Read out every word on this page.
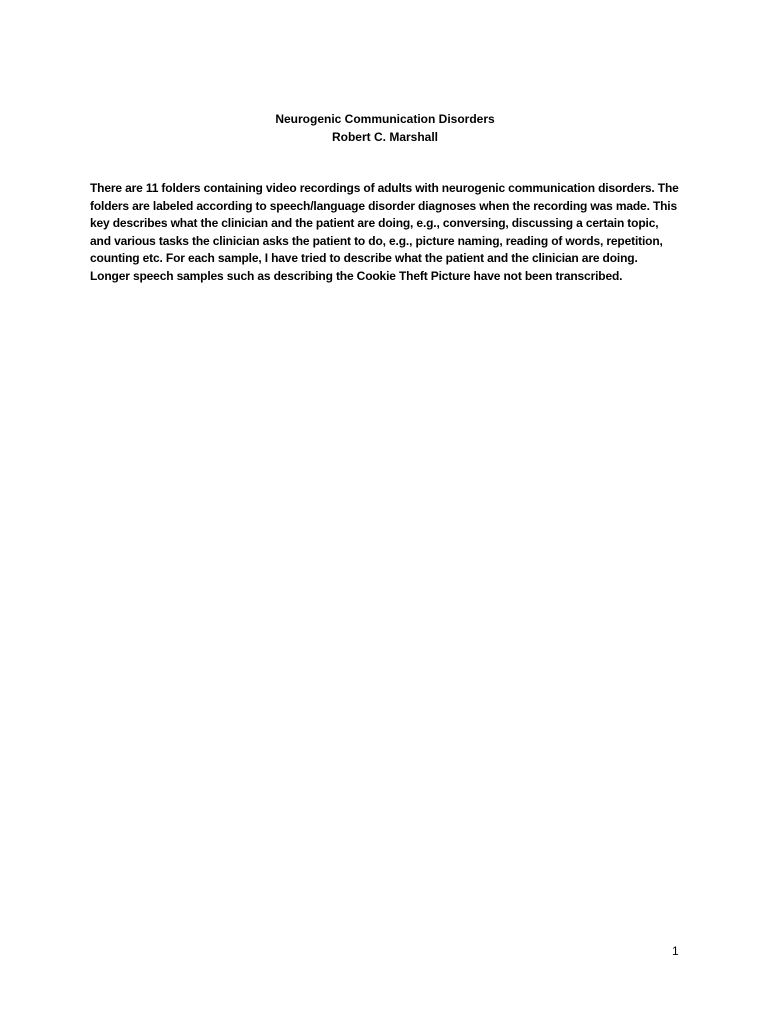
Neurogenic Communication Disorders
Robert C. Marshall

There are 11 folders containing video recordings of adults with neurogenic communication disorders. The folders are labeled according to speech/language disorder diagnoses when the recording was made. This key describes what the clinician and the patient are doing, e.g., conversing, discussing a certain topic, and various tasks the clinician asks the patient to do, e.g., picture naming, reading of words, repetition, counting etc. For each sample, I have tried to describe what the patient and the clinician are doing. Longer speech samples such as describing the Cookie Theft Picture have not been transcribed.

1
